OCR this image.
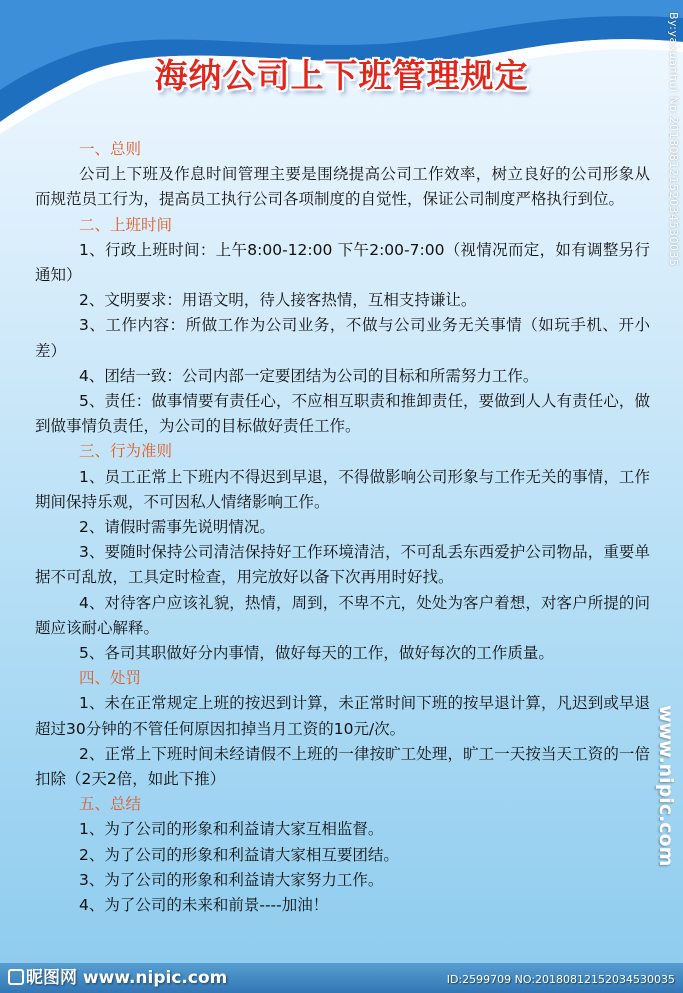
海纳公司上下班管理规定
一、总则
公司上下班及作息时间管理主要是围绕提高公司工作效率，树立良好的公司形象从而规范员工行为，提高员工执行公司各项制度的自觉性，保证公司制度严格执行到位。
二、上班时间
1、行政上班时间：上午8:00-12:00 下午2:00-7:00（视情况而定，如有调整另行通知）
2、文明要求：用语文明，待人接客热情，互相支持谦让。
3、工作内容：所做工作为公司业务，不做与公司业务无关事情（如玩手机、开小差）
4、团结一致：公司内部一定要团结为公司的目标和所需努力工作。
5、责任：做事情要有责任心，不应相互职责和推卸责任，要做到人人有责任心，做到做事情负责任，为公司的目标做好责任工作。
三、行为准则
1、员工正常上下班内不得迟到早退，不得做影响公司形象与工作无关的事情，工作期间保持乐观，不可因私人情绪影响工作。
2、请假时需事先说明情况。
3、要随时保持公司清洁保持好工作环境清洁，不可乱丢东西爱护公司物品，重要单据不可乱放，工具定时检查，用完放好以备下次再用时好找。
4、对待客户应该礼貌，热情，周到，不卑不亢，处处为客户着想，对客户所提的问题应该耐心解释。
5、各司其职做好分内事情，做好每天的工作，做好每次的工作质量。
四、处罚
1、未在正常规定上班的按迟到计算，未正常时间下班的按早退计算，凡迟到或早退超过30分钟的不管任何原因扣掉当月工资的10元/次。
2、正常上下班时间未经请假不上班的一律按旷工处理，旷工一天按当天工资的一倍扣除（2天2倍，如此下推）
五、总结
1、为了公司的形象和利益请大家互相监督。
2、为了公司的形象和利益请大家相互要团结。
3、为了公司的形象和利益请大家努力工作。
4、为了公司的未来和前景----加油！
By:yaxuanhui No:20180812152034530035
www.nipic.com
昵图网 www.nipic.com	ID:2599709 NO:20180812152034530035
